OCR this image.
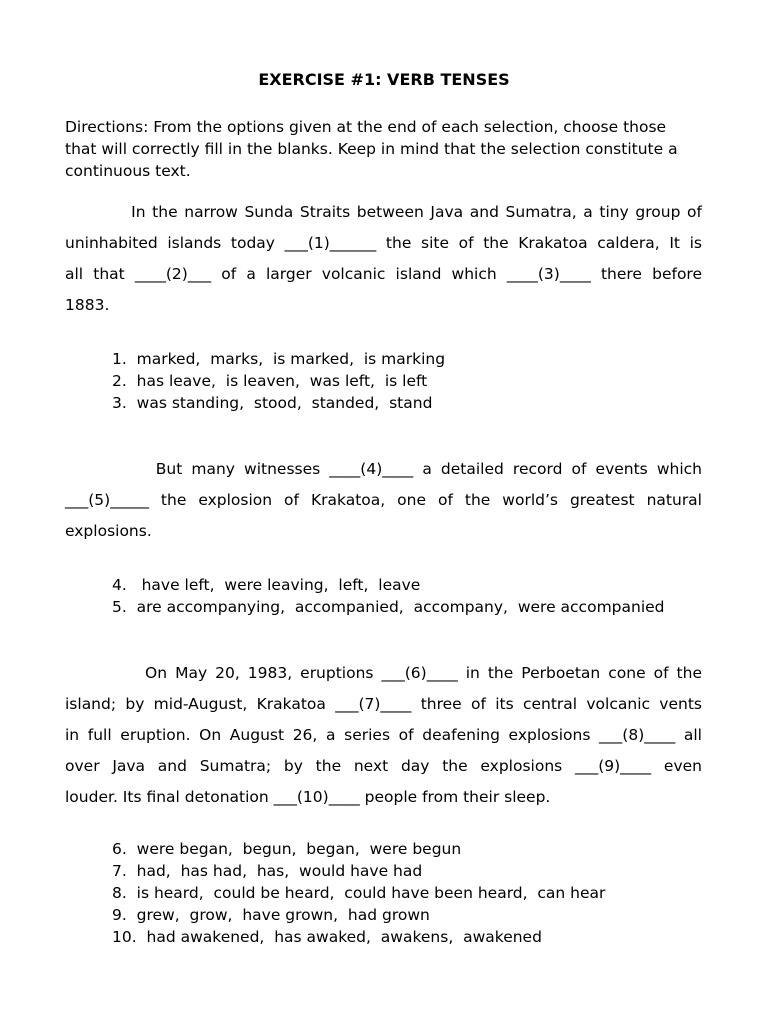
EXERCISE #1: VERB TENSES
Directions: From the options given at the end of each selection, choose those
that will correctly fill in the blanks. Keep in mind that the selection constitute a
continuous text.
In the narrow Sunda Straits between Java and Sumatra, a tiny group of
uninhabited islands today ___(1)______ the site of the Krakatoa caldera, It is
all that ____(2)___ of a larger volcanic island which ____(3)____ there before
1883.
1.  marked,  marks,  is marked,  is marking
2.  has leave,  is leaven,  was left,  is left
3.  was standing,  stood,  standed,  stand
But many witnesses ____(4)____ a detailed record of events which
___(5)_____ the explosion of Krakatoa, one of the world’s greatest natural
explosions.
4.   have left,  were leaving,  left,  leave
5.  are accompanying,  accompanied,  accompany,  were accompanied
On May 20, 1983, eruptions ___(6)____ in the Perboetan cone of the
island; by mid-August, Krakatoa ___(7)____ three of its central volcanic vents
in full eruption. On August 26, a series of deafening explosions ___(8)____ all
over Java and Sumatra; by the next day the explosions ___(9)____ even
louder. Its final detonation ___(10)____ people from their sleep.
6.  were began,  begun,  began,  were begun
7.  had,  has had,  has,  would have had
8.  is heard,  could be heard,  could have been heard,  can hear
9.  grew,  grow,  have grown,  had grown
10.  had awakened,  has awaked,  awakens,  awakened
